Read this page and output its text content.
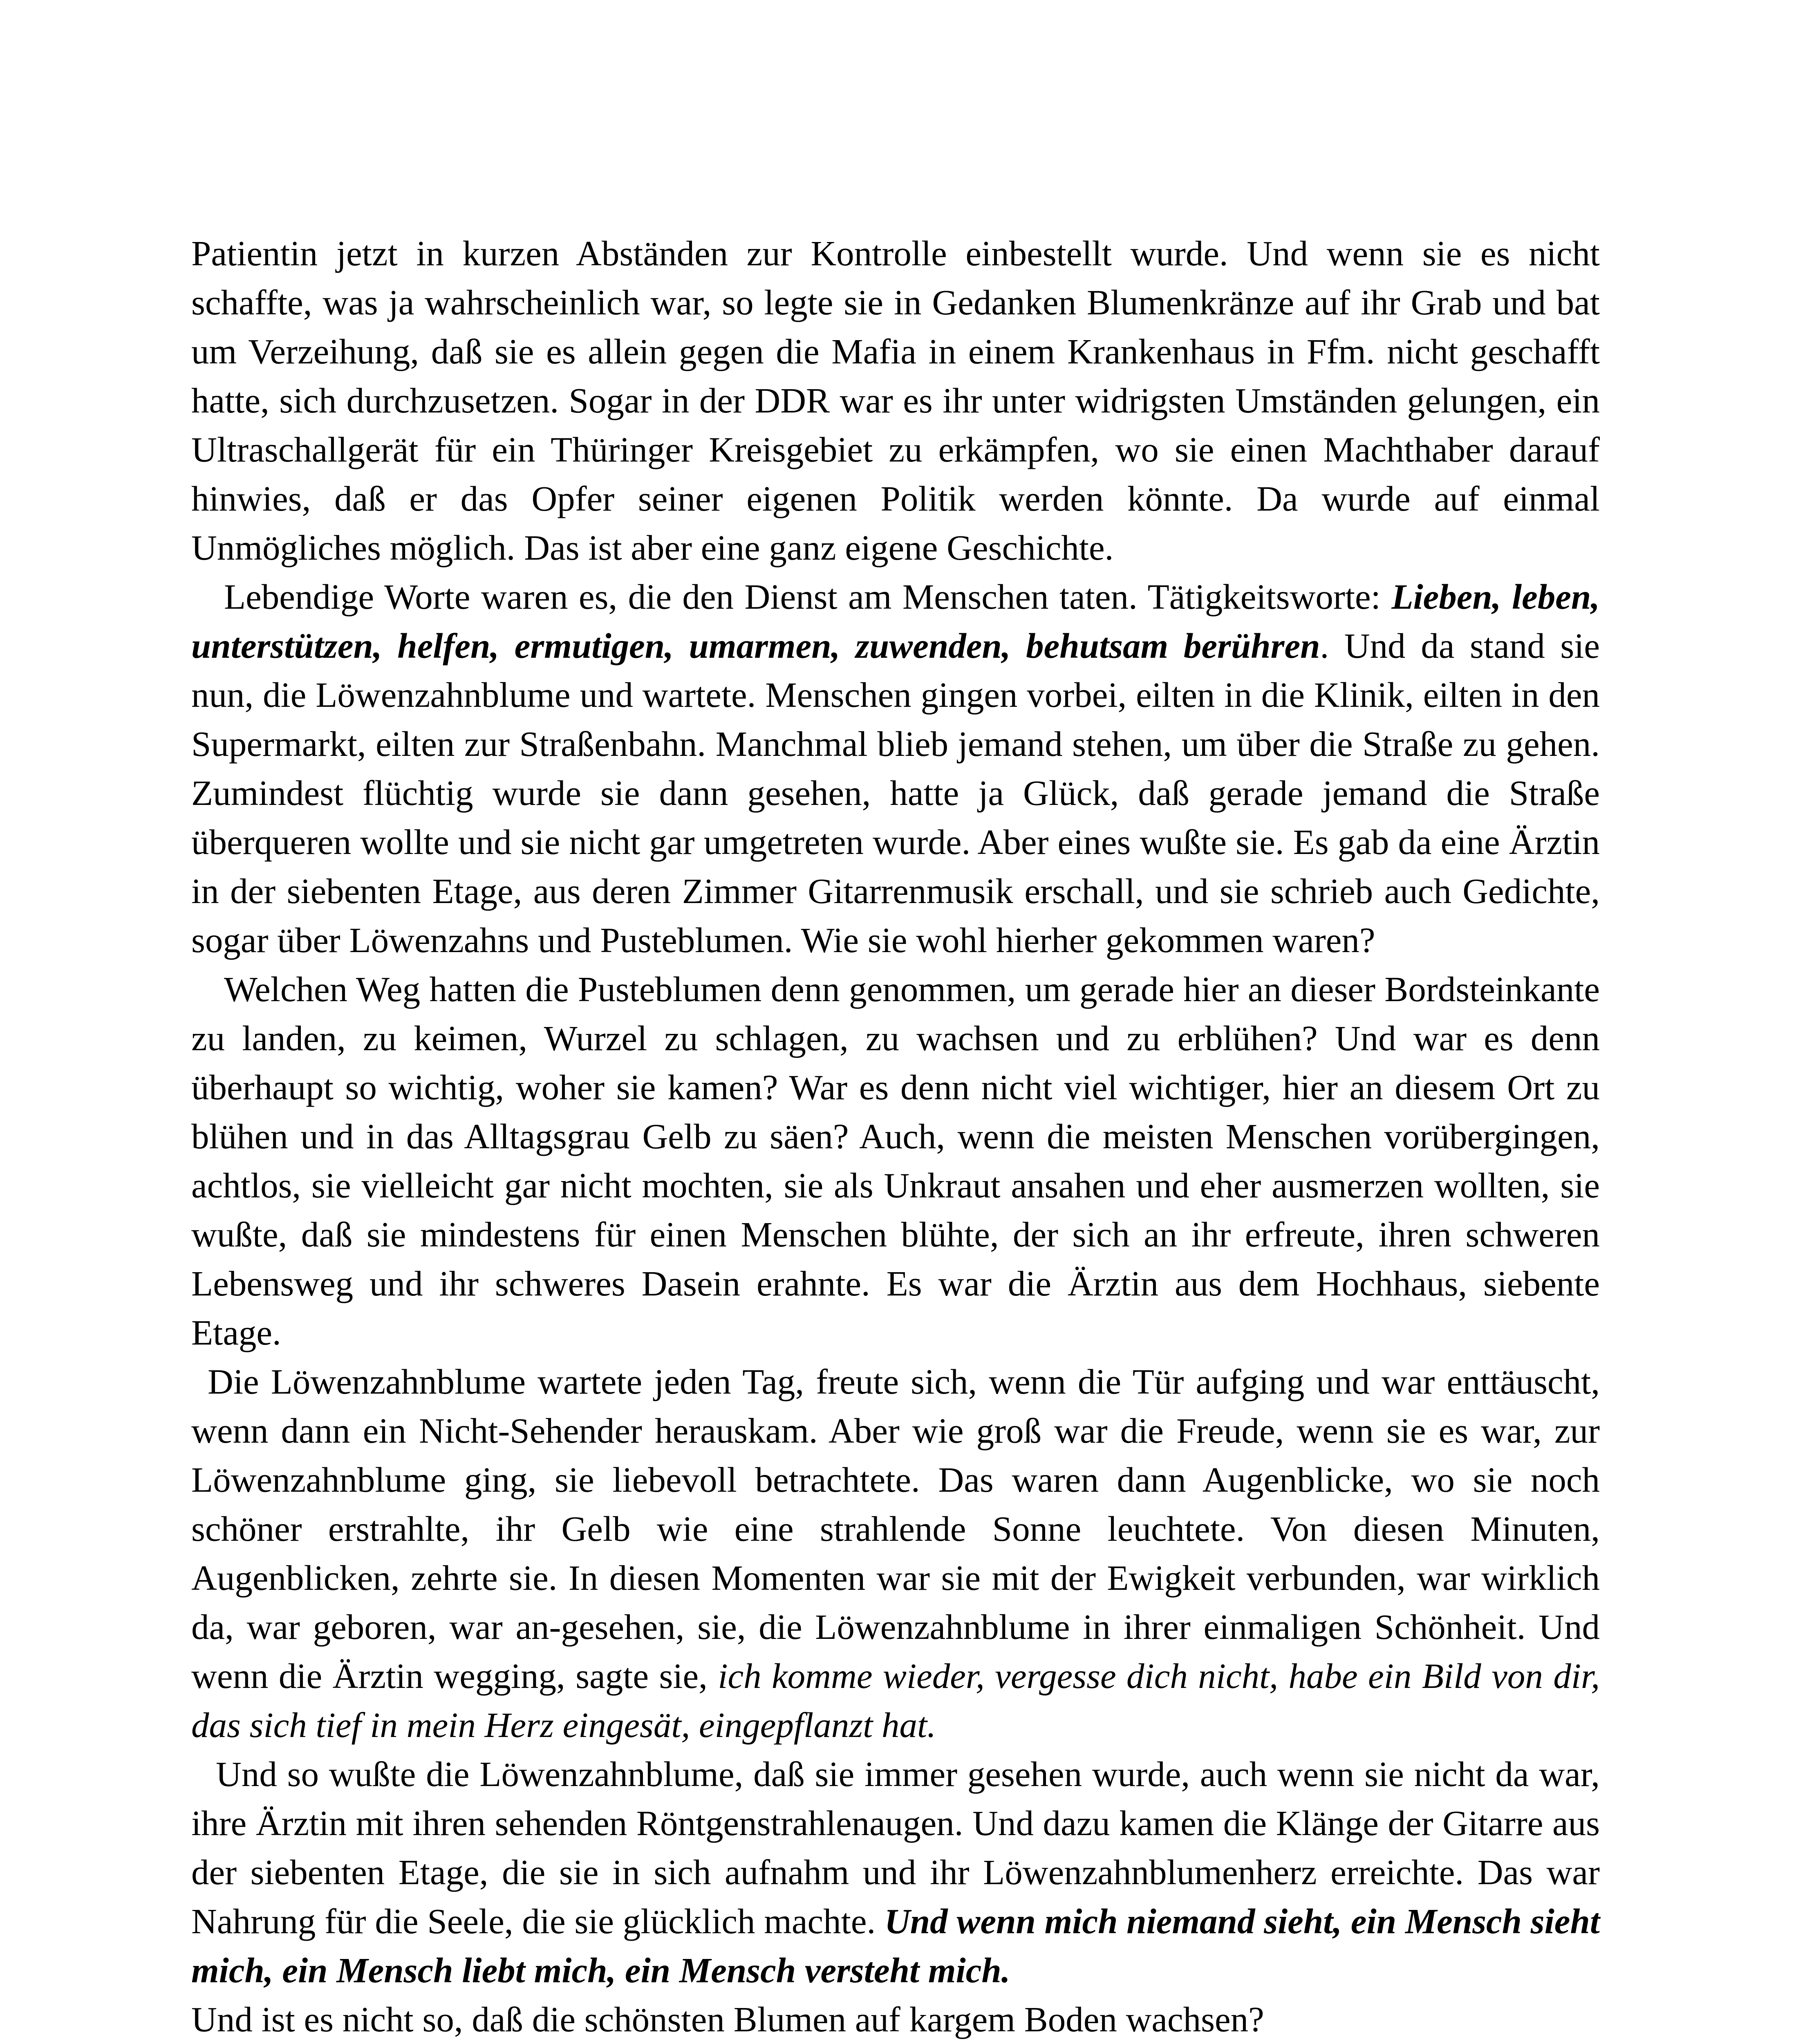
Patientin jetzt in kurzen Abständen zur Kontrolle einbestellt wurde. Und wenn sie es nicht schaffte, was ja wahrscheinlich war, so legte sie in Gedanken Blumenkränze auf ihr Grab und bat um Verzeihung, daß sie es allein gegen die Mafia in einem Krankenhaus in Ffm. nicht geschafft hatte, sich durchzusetzen. Sogar in der DDR war es ihr unter widrigsten Umständen gelungen, ein Ultraschallgerät für ein Thüringer Kreisgebiet zu erkämpfen, wo sie einen Machthaber darauf hinwies, daß er das Opfer seiner eigenen Politik werden könnte. Da wurde auf einmal Unmögliches möglich. Das ist aber eine ganz eigene Geschichte.

Lebendige Worte waren es, die den Dienst am Menschen taten. Tätigkeitsworte: Lieben, leben, unterstützen, helfen, ermutigen, umarmen, zuwenden, behutsam berühren. Und da stand sie nun, die Löwenzahnblume und wartete. Menschen gingen vorbei, eilten in die Klinik, eilten in den Supermarkt, eilten zur Straßenbahn. Manchmal blieb jemand stehen, um über die Straße zu gehen. Zumindest flüchtig wurde sie dann gesehen, hatte ja Glück, daß gerade jemand die Straße überqueren wollte und sie nicht gar umgetreten wurde. Aber eines wußte sie. Es gab da eine Ärztin in der siebenten Etage, aus deren Zimmer Gitarrenmusik erschall, und sie schrieb auch Gedichte, sogar über Löwenzahns und Pusteblumen. Wie sie wohl hierher gekommen waren?

Welchen Weg hatten die Pusteblumen denn genommen, um gerade hier an dieser Bordsteinkante zu landen, zu keimen, Wurzel zu schlagen, zu wachsen und zu erblühen? Und war es denn überhaupt so wichtig, woher sie kamen? War es denn nicht viel wichtiger, hier an diesem Ort zu blühen und in das Alltagsgrau Gelb zu säen? Auch, wenn die meisten Menschen vorübergingen, achtlos, sie vielleicht gar nicht mochten, sie als Unkraut ansahen und eher ausmerzen wollten, sie wußte, daß sie mindestens für einen Menschen blühte, der sich an ihr erfreute, ihren schweren Lebensweg und ihr schweres Dasein erahnte. Es war die Ärztin aus dem Hochhaus, siebente Etage.

Die Löwenzahnblume wartete jeden Tag, freute sich, wenn die Tür aufging und war enttäuscht, wenn dann ein Nicht-Sehender herauskam. Aber wie groß war die Freude, wenn sie es war, zur Löwenzahnblume ging, sie liebevoll betrachtete. Das waren dann Augenblicke, wo sie noch schöner erstrahlte, ihr Gelb wie eine strahlende Sonne leuchtete. Von diesen Minuten, Augenblicken, zehrte sie. In diesen Momenten war sie mit der Ewigkeit verbunden, war wirklich da, war geboren, war an-gesehen, sie, die Löwenzahnblume in ihrer einmaligen Schönheit. Und wenn die Ärztin wegging, sagte sie, ich komme wieder, vergesse dich nicht, habe ein Bild von dir, das sich tief in mein Herz eingesät, eingepflanzt hat.

Und so wußte die Löwenzahnblume, daß sie immer gesehen wurde, auch wenn sie nicht da war, ihre Ärztin mit ihren sehenden Röntgenstrahlenaugen. Und dazu kamen die Klänge der Gitarre aus der siebenten Etage, die sie in sich aufnahm und ihr Löwenzahnblumenherz erreichte. Das war Nahrung für die Seele, die sie glücklich machte. Und wenn mich niemand sieht, ein Mensch sieht mich, ein Mensch liebt mich, ein Mensch versteht mich.

Und ist es nicht so, daß die schönsten Blumen auf kargem Boden wachsen?
